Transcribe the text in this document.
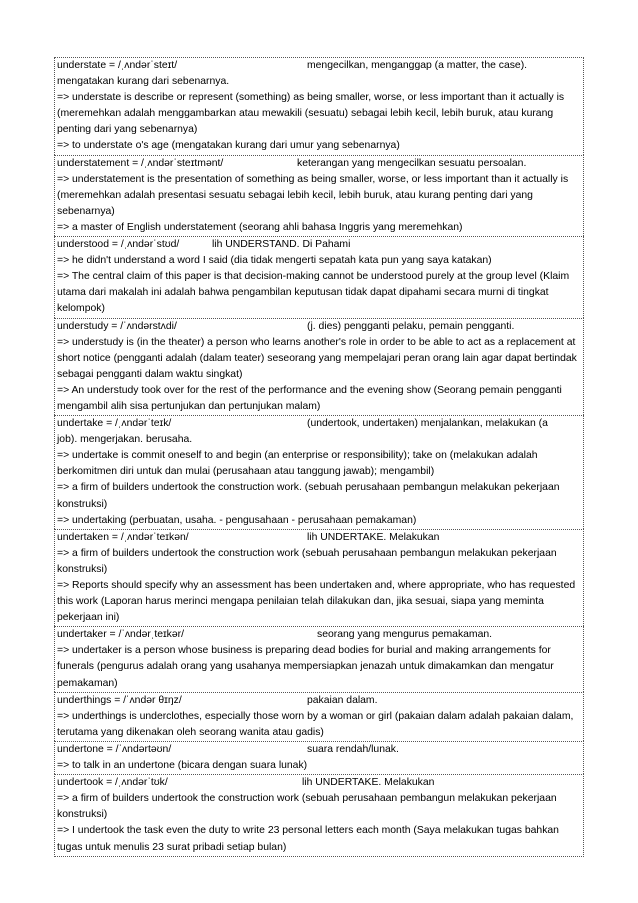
understate = /ˌʌndərˈsteɪt/	mengecilkan, menganggap (a matter, the case).

mengatakan kurang dari sebenarnya.

=> understate is describe or represent (something) as being smaller, worse, or less important than it actually is (meremehkan adalah menggambarkan atau mewakili (sesuatu) sebagai lebih kecil, lebih buruk, atau kurang penting dari yang sebenarnya)

=> to understate o's age (mengatakan kurang dari umur yang sebenarnya)

understatement = /ˌʌndərˈsteɪtmənt/	keterangan yang mengecilkan sesuatu persoalan.

=> understatement is the presentation of something as being smaller, worse, or less important than it actually is (meremehkan adalah presentasi sesuatu sebagai lebih kecil, lebih buruk, atau kurang penting dari yang sebenarnya)

=> a master of English understatement (seorang ahli bahasa Inggris yang meremehkan)

understood = /ˌʌndərˈstʊd/	lih UNDERSTAND. Di Pahami

=> he didn't understand a word I said (dia tidak mengerti sepatah kata pun yang saya katakan)

=> The central claim of this paper is that decision-making cannot be understood purely at the group level (Klaim utama dari makalah ini adalah bahwa pengambilan keputusan tidak dapat dipahami secara murni di tingkat kelompok)

understudy = /ˈʌndərstʌdi/	(j. dies) pengganti pelaku, pemain pengganti.

=> understudy is (in the theater) a person who learns another's role in order to be able to act as a replacement at short notice (pengganti adalah (dalam teater) seseorang yang mempelajari peran orang lain agar dapat bertindak sebagai pengganti dalam waktu singkat)

=> An understudy took over for the rest of the performance and the evening show (Seorang pemain pengganti mengambil alih sisa pertunjukan dan pertunjukan malam)

undertake = /ˌʌndərˈteɪk/	(undertook, undertaken) menjalankan, melakukan (a

job). mengerjakan. berusaha.

=> undertake is commit oneself to and begin (an enterprise or responsibility); take on (melakukan adalah berkomitmen diri untuk dan mulai (perusahaan atau tanggung jawab); mengambil)

=> a firm of builders undertook the construction work. (sebuah perusahaan pembangun melakukan pekerjaan konstruksi)

=> undertaking (perbuatan, usaha. - pengusahaan - perusahaan pemakaman)

undertaken = /ˌʌndərˈteɪkən/	lih UNDERTAKE. Melakukan

=> a firm of builders undertook the construction work (sebuah perusahaan pembangun melakukan pekerjaan konstruksi)

=> Reports should specify why an assessment has been undertaken and, where appropriate, who has requested this work (Laporan harus merinci mengapa penilaian telah dilakukan dan, jika sesuai, siapa yang meminta pekerjaan ini)

undertaker = /ˈʌndərˌteɪkər/	seorang yang mengurus pemakaman.

=> undertaker is a person whose business is preparing dead bodies for burial and making arrangements for funerals (pengurus adalah orang yang usahanya mempersiapkan jenazah untuk dimakamkan dan mengatur pemakaman)

underthings = /ˈʌndər θɪŋz/	pakaian dalam.

=> underthings is underclothes, especially those worn by a woman or girl (pakaian dalam adalah pakaian dalam, terutama yang dikenakan oleh seorang wanita atau gadis)

undertone = /ˈʌndərtəʊn/	suara rendah/lunak.

=> to talk in an undertone (bicara dengan suara lunak)

undertook = /ˌʌndərˈtʊk/	lih UNDERTAKE. Melakukan

=> a firm of builders undertook the construction work (sebuah perusahaan pembangun melakukan pekerjaan konstruksi)

=> I undertook the task even the duty to write 23 personal letters each month (Saya melakukan tugas bahkan tugas untuk menulis 23 surat pribadi setiap bulan)
